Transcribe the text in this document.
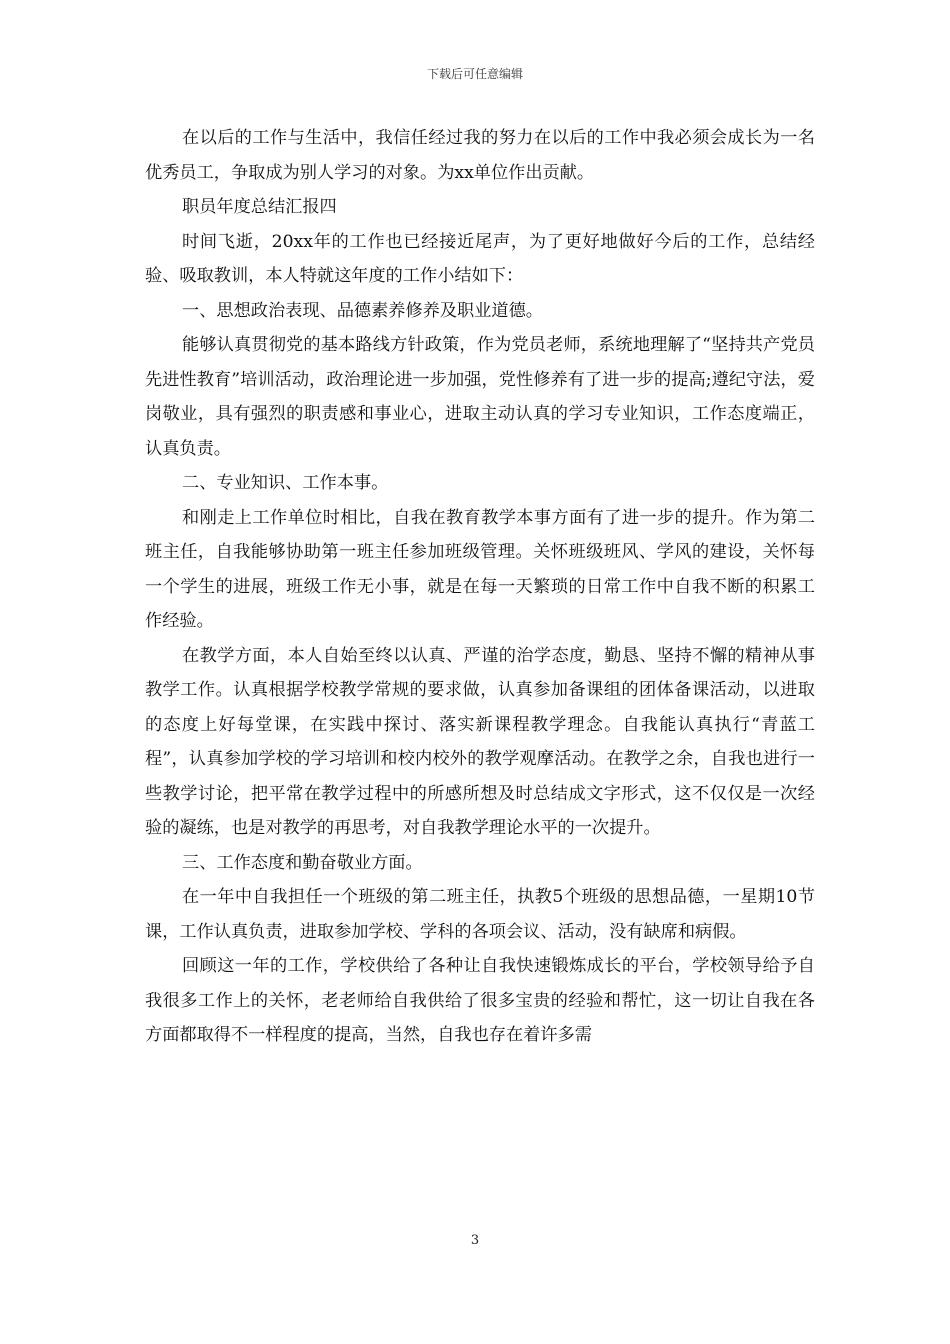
下载后可任意编辑

在以后的工作与生活中，我信任经过我的努力在以后的工作中我必须会成长为一名优秀员工，争取成为别人学习的对象。为xx单位作出贡献。

职员年度总结汇报四

时间飞逝，20xx年的工作也已经接近尾声，为了更好地做好今后的工作，总结经验、吸取教训，本人特就这年度的工作小结如下：

一、思想政治表现、品德素养修养及职业道德。

能够认真贯彻党的基本路线方针政策，作为党员老师，系统地理解了“坚持共产党员先进性教育”培训活动，政治理论进一步加强，党性修养有了进一步的提高;遵纪守法，爱岗敬业，具有强烈的职责感和事业心，进取主动认真的学习专业知识，工作态度端正，认真负责。

二、专业知识、工作本事。

和刚走上工作单位时相比，自我在教育教学本事方面有了进一步的提升。作为第二班主任，自我能够协助第一班主任参加班级管理。关怀班级班风、学风的建设，关怀每一个学生的进展，班级工作无小事，就是在每一天繁琐的日常工作中自我不断的积累工作经验。

在教学方面，本人自始至终以认真、严谨的治学态度，勤恳、坚持不懈的精神从事教学工作。认真根据学校教学常规的要求做，认真参加备课组的团体备课活动，以进取的态度上好每堂课，在实践中探讨、落实新课程教学理念。自我能认真执行“青蓝工程”，认真参加学校的学习培训和校内校外的教学观摩活动。在教学之余，自我也进行一些教学讨论，把平常在教学过程中的所感所想及时总结成文字形式，这不仅仅是一次经验的凝练，也是对教学的再思考，对自我教学理论水平的一次提升。

三、工作态度和勤奋敬业方面。

在一年中自我担任一个班级的第二班主任，执教5个班级的思想品德，一星期10节课，工作认真负责，进取参加学校、学科的各项会议、活动，没有缺席和病假。

回顾这一年的工作，学校供给了各种让自我快速锻炼成长的平台，学校领导给予自我很多工作上的关怀，老老师给自我供给了很多宝贵的经验和帮忙，这一切让自我在各方面都取得不一样程度的提高，当然，自我也存在着许多需

3
